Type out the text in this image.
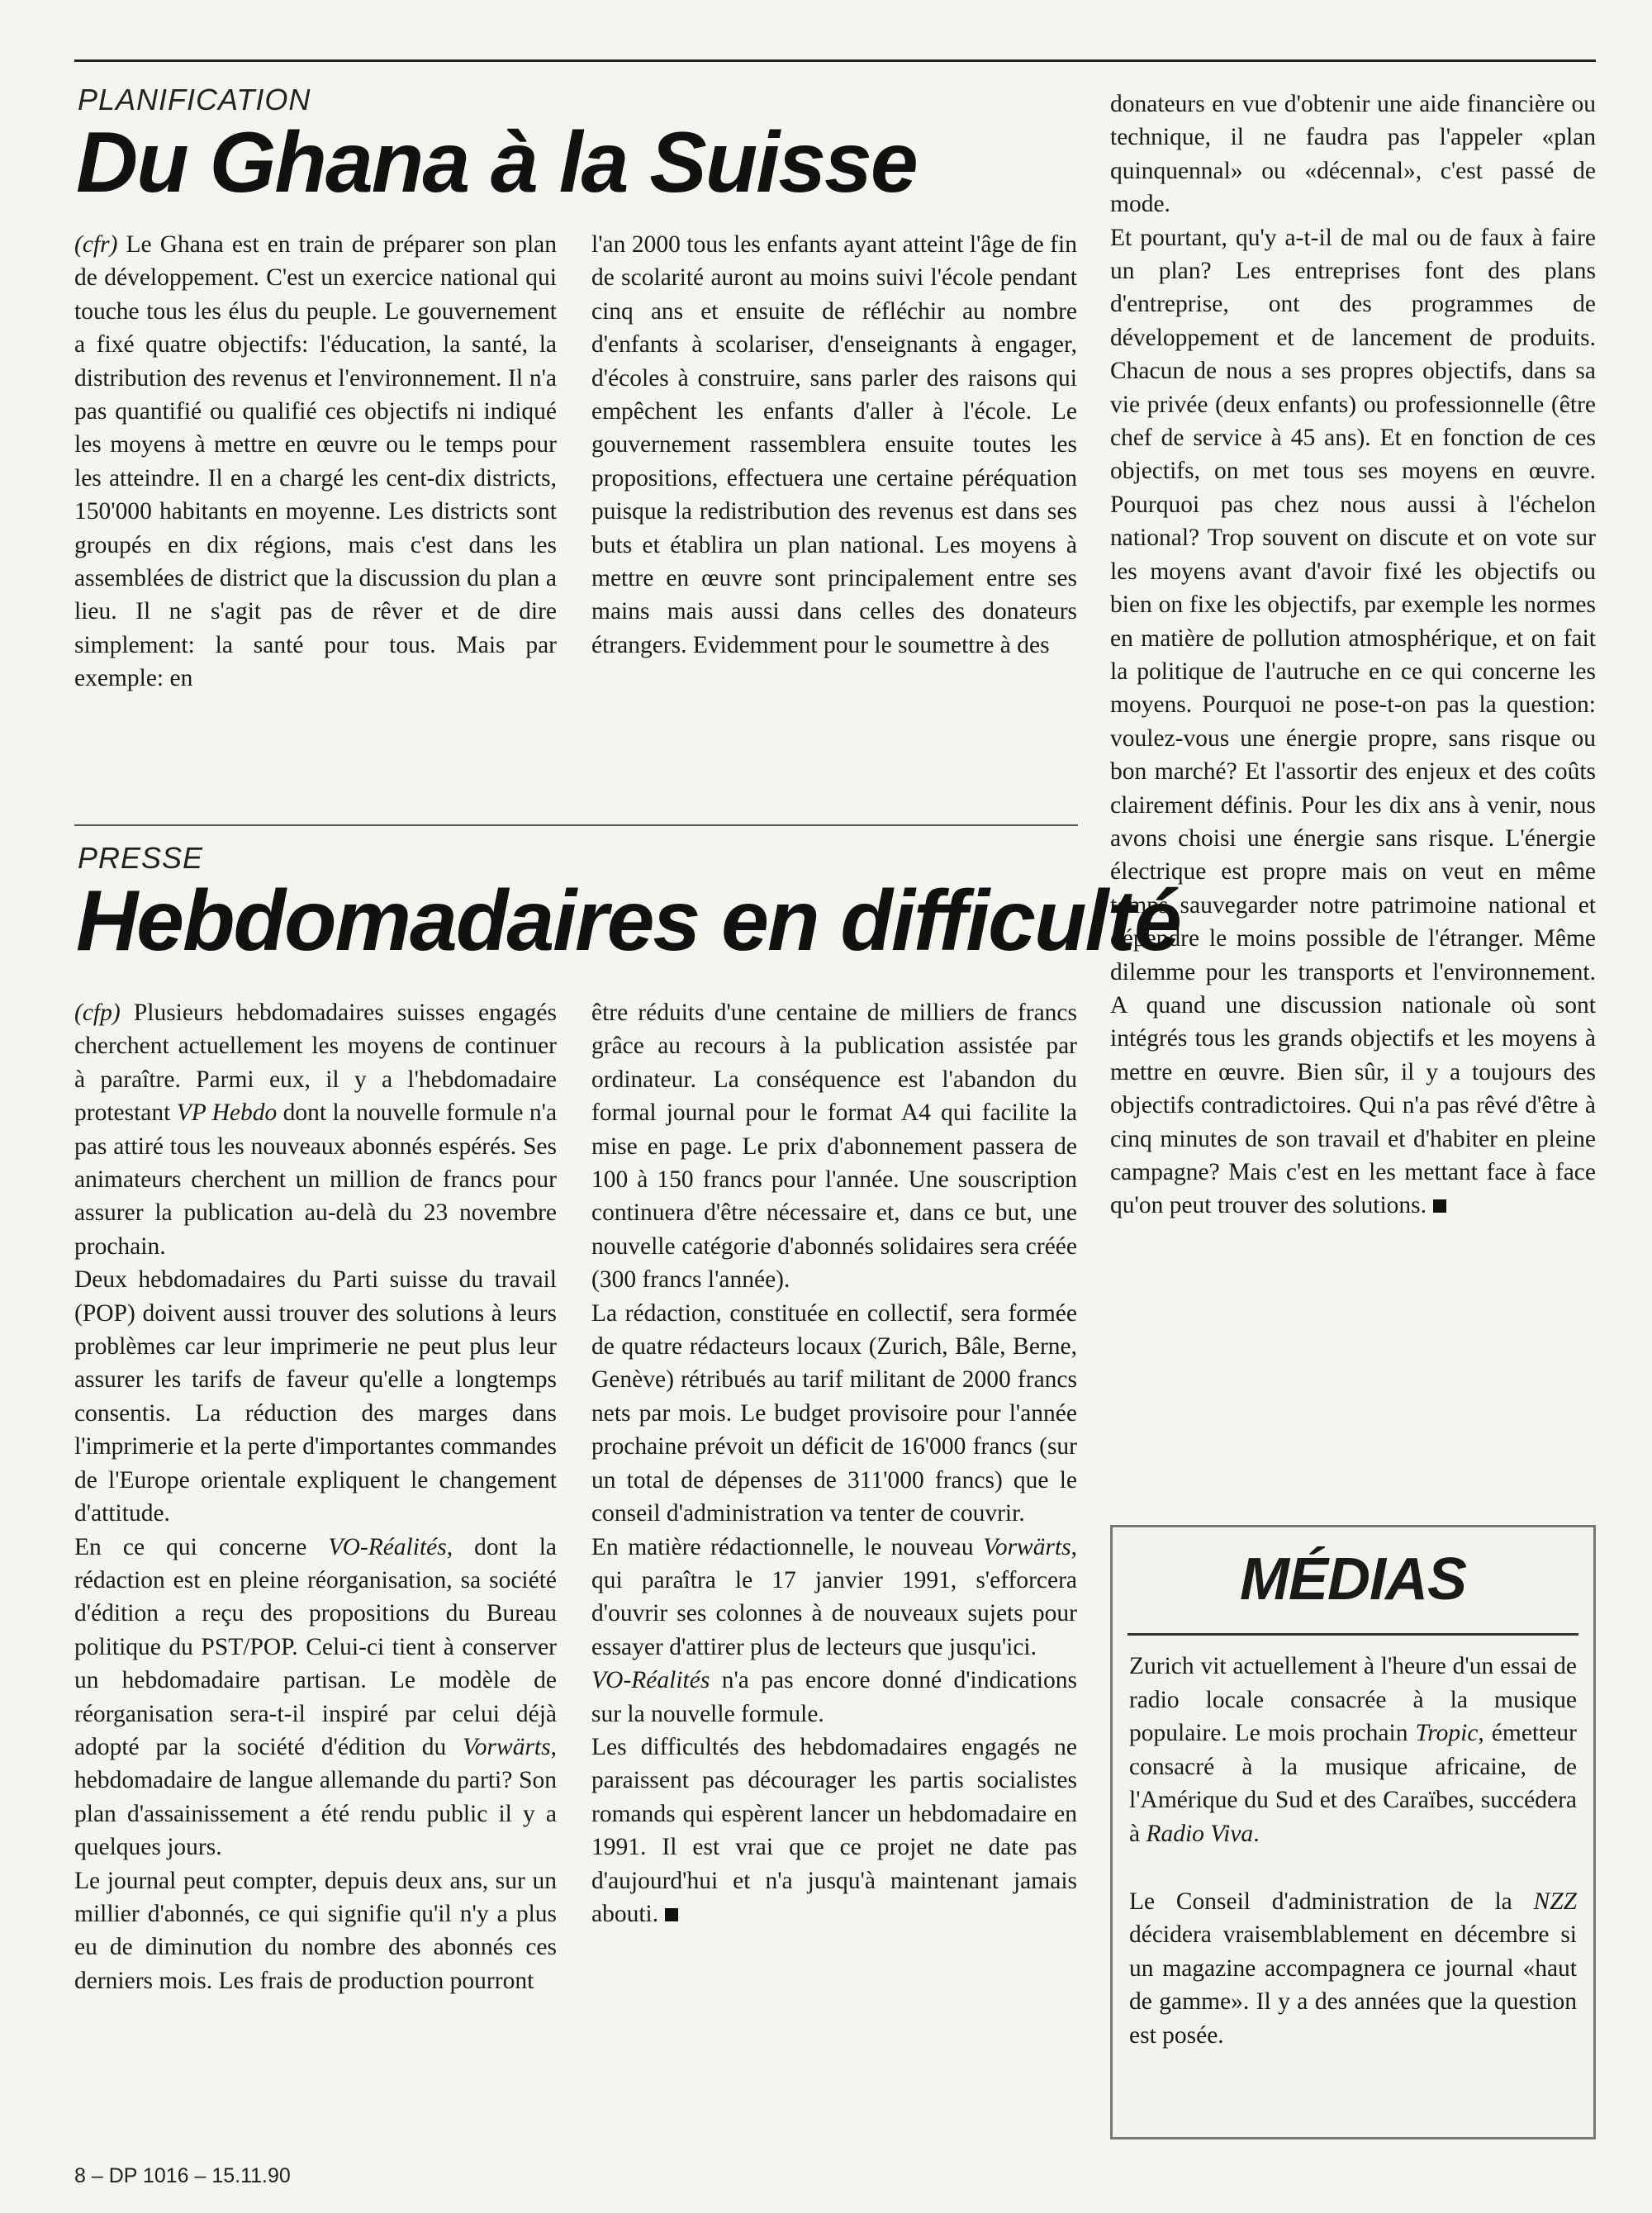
PLANIFICATION
Du Ghana à la Suisse

(cfr) Le Ghana est en train de préparer son plan de développement. C'est un exercice national qui touche tous les élus du peuple. Le gouvernement a fixé quatre objectifs: l'éducation, la santé, la distribution des revenus et l'environnement. Il n'a pas quantifié ou qualifié ces objectifs ni indiqué les moyens à mettre en œuvre ou le temps pour les atteindre. Il en a chargé les cent-dix districts, 150'000 habitants en moyenne. Les districts sont groupés en dix régions, mais c'est dans les assemblées de district que la discussion du plan a lieu. Il ne s'agit pas de rêver et de dire simplement: la santé pour tous. Mais par exemple: en

l'an 2000 tous les enfants ayant atteint l'âge de fin de scolarité auront au moins suivi l'école pendant cinq ans et ensuite de réfléchir au nombre d'enfants à scolariser, d'enseignants à engager, d'écoles à construire, sans parler des raisons qui empêchent les enfants d'aller à l'école. Le gouvernement rassemblera ensuite toutes les propositions, effectuera une certaine péréquation puisque la redistribution des revenus est dans ses buts et établira un plan national. Les moyens à mettre en œuvre sont principalement entre ses mains mais aussi dans celles des donateurs étrangers. Evidemment pour le soumettre à des

donateurs en vue d'obtenir une aide financière ou technique, il ne faudra pas l'appeler «plan quinquennal» ou «décennal», c'est passé de mode.

Et pourtant, qu'y a-t-il de mal ou de faux à faire un plan? Les entreprises font des plans d'entreprise, ont des programmes de développement et de lancement de produits. Chacun de nous a ses propres objectifs, dans sa vie privée (deux enfants) ou professionnelle (être chef de service à 45 ans). Et en fonction de ces objectifs, on met tous ses moyens en œuvre. Pourquoi pas chez nous aussi à l'échelon national? Trop souvent on discute et on vote sur les moyens avant d'avoir fixé les objectifs ou bien on fixe les objectifs, par exemple les normes en matière de pollution atmosphérique, et on fait la politique de l'autruche en ce qui concerne les moyens. Pourquoi ne pose-t-on pas la question: voulez-vous une énergie propre, sans risque ou bon marché? Et l'assortir des enjeux et des coûts clairement définis. Pour les dix ans à venir, nous avons choisi une énergie sans risque. L'énergie électrique est propre mais on veut en même temps sauvegarder notre patrimoine national et dépendre le moins possible de l'étranger. Même dilemme pour les transports et l'environnement. A quand une discussion nationale où sont intégrés tous les grands objectifs et les moyens à mettre en œuvre. Bien sûr, il y a toujours des objectifs contradictoires. Qui n'a pas rêvé d'être à cinq minutes de son travail et d'habiter en pleine campagne? Mais c'est en les mettant face à face qu'on peut trouver des solutions.

PRESSE
Hebdomadaires en difficulté

(cfp) Plusieurs hebdomadaires suisses engagés cherchent actuellement les moyens de continuer à paraître. Parmi eux, il y a l'hebdomadaire protestant VP Hebdo dont la nouvelle formule n'a pas attiré tous les nouveaux abonnés espérés. Ses animateurs cherchent un million de francs pour assurer la publication au-delà du 23 novembre prochain.

Deux hebdomadaires du Parti suisse du travail (POP) doivent aussi trouver des solutions à leurs problèmes car leur imprimerie ne peut plus leur assurer les tarifs de faveur qu'elle a longtemps consentis. La réduction des marges dans l'imprimerie et la perte d'importantes commandes de l'Europe orientale expliquent le changement d'attitude.

En ce qui concerne VO-Réalités, dont la rédaction est en pleine réorganisation, sa société d'édition a reçu des propositions du Bureau politique du PST/POP. Celui-ci tient à conserver un hebdomadaire partisan. Le modèle de réorganisation sera-t-il inspiré par celui déjà adopté par la société d'édition du Vorwärts, hebdomadaire de langue allemande du parti? Son plan d'assainissement a été rendu public il y a quelques jours.

Le journal peut compter, depuis deux ans, sur un millier d'abonnés, ce qui signifie qu'il n'y a plus eu de diminution du nombre des abonnés ces derniers mois. Les frais de production pourront

être réduits d'une centaine de milliers de francs grâce au recours à la publication assistée par ordinateur. La conséquence est l'abandon du formal journal pour le format A4 qui facilite la mise en page. Le prix d'abonnement passera de 100 à 150 francs pour l'année. Une souscription continuera d'être nécessaire et, dans ce but, une nouvelle catégorie d'abonnés solidaires sera créée (300 francs l'année).

La rédaction, constituée en collectif, sera formée de quatre rédacteurs locaux (Zurich, Bâle, Berne, Genève) rétribués au tarif militant de 2000 francs nets par mois. Le budget provisoire pour l'année prochaine prévoit un déficit de 16'000 francs (sur un total de dépenses de 311'000 francs) que le conseil d'administration va tenter de couvrir.

En matière rédactionnelle, le nouveau Vorwärts, qui paraîtra le 17 janvier 1991, s'efforcera d'ouvrir ses colonnes à de nouveaux sujets pour essayer d'attirer plus de lecteurs que jusqu'ici.

VO-Réalités n'a pas encore donné d'indications sur la nouvelle formule.

Les difficultés des hebdomadaires engagés ne paraissent pas décourager les partis socialistes romands qui espèrent lancer un hebdomadaire en 1991. Il est vrai que ce projet ne date pas d'aujourd'hui et n'a jusqu'à maintenant jamais abouti.

MÉDIAS

Zurich vit actuellement à l'heure d'un essai de radio locale consacrée à la musique populaire. Le mois prochain Tropic, émetteur consacré à la musique africaine, de l'Amérique du Sud et des Caraïbes, succédera à Radio Viva.

Le Conseil d'administration de la NZZ décidera vraisemblablement en décembre si un magazine accompagnera ce journal «haut de gamme». Il y a des années que la question est posée.

8 – DP 1016 – 15.11.90
